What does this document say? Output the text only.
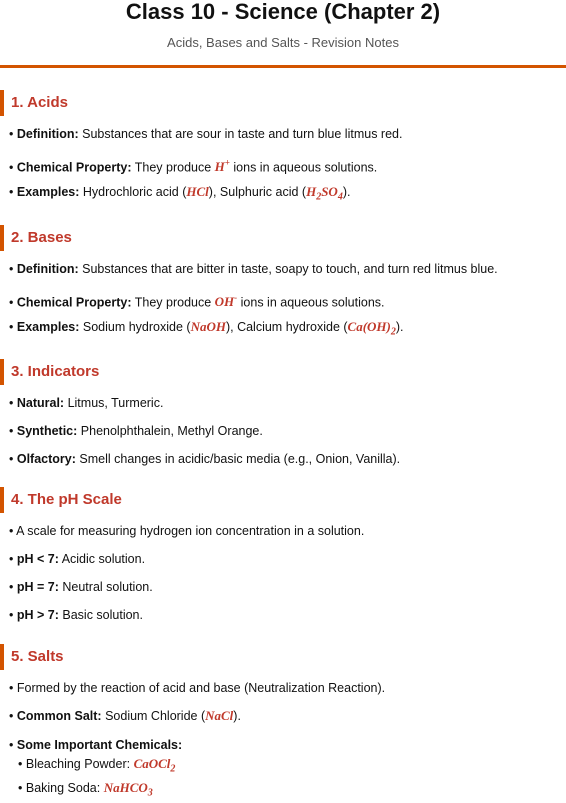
Class 10 - Science (Chapter 2)
Acids, Bases and Salts - Revision Notes
1. Acids
• Definition: Substances that are sour in taste and turn blue litmus red.
• Chemical Property: They produce H+ ions in aqueous solutions.
• Examples: Hydrochloric acid (HCl), Sulphuric acid $(H_2SO_4)$.
2. Bases
• Definition: Substances that are bitter in taste, soapy to touch, and turn red litmus blue.
• Chemical Property: They produce OH- ions in aqueous solutions.
• Examples: Sodium hydroxide (NaOH), Calcium hydroxide $(Ca(OH)_2)$.
3. Indicators
• Natural: Litmus, Turmeric.
• Synthetic: Phenolphthalein, Methyl Orange.
• Olfactory: Smell changes in acidic/basic media (e.g., Onion, Vanilla).
4. The pH Scale
• A scale for measuring hydrogen ion concentration in a solution.
• pH < 7: Acidic solution.
• pH = 7: Neutral solution.
• pH > 7: Basic solution.
5. Salts
• Formed by the reaction of acid and base (Neutralization Reaction).
• Common Salt: Sodium Chloride (NaCl).
• Some Important Chemicals:
• Bleaching Powder: CaOCl$_2$
• Baking Soda: NaHCO$_3$
